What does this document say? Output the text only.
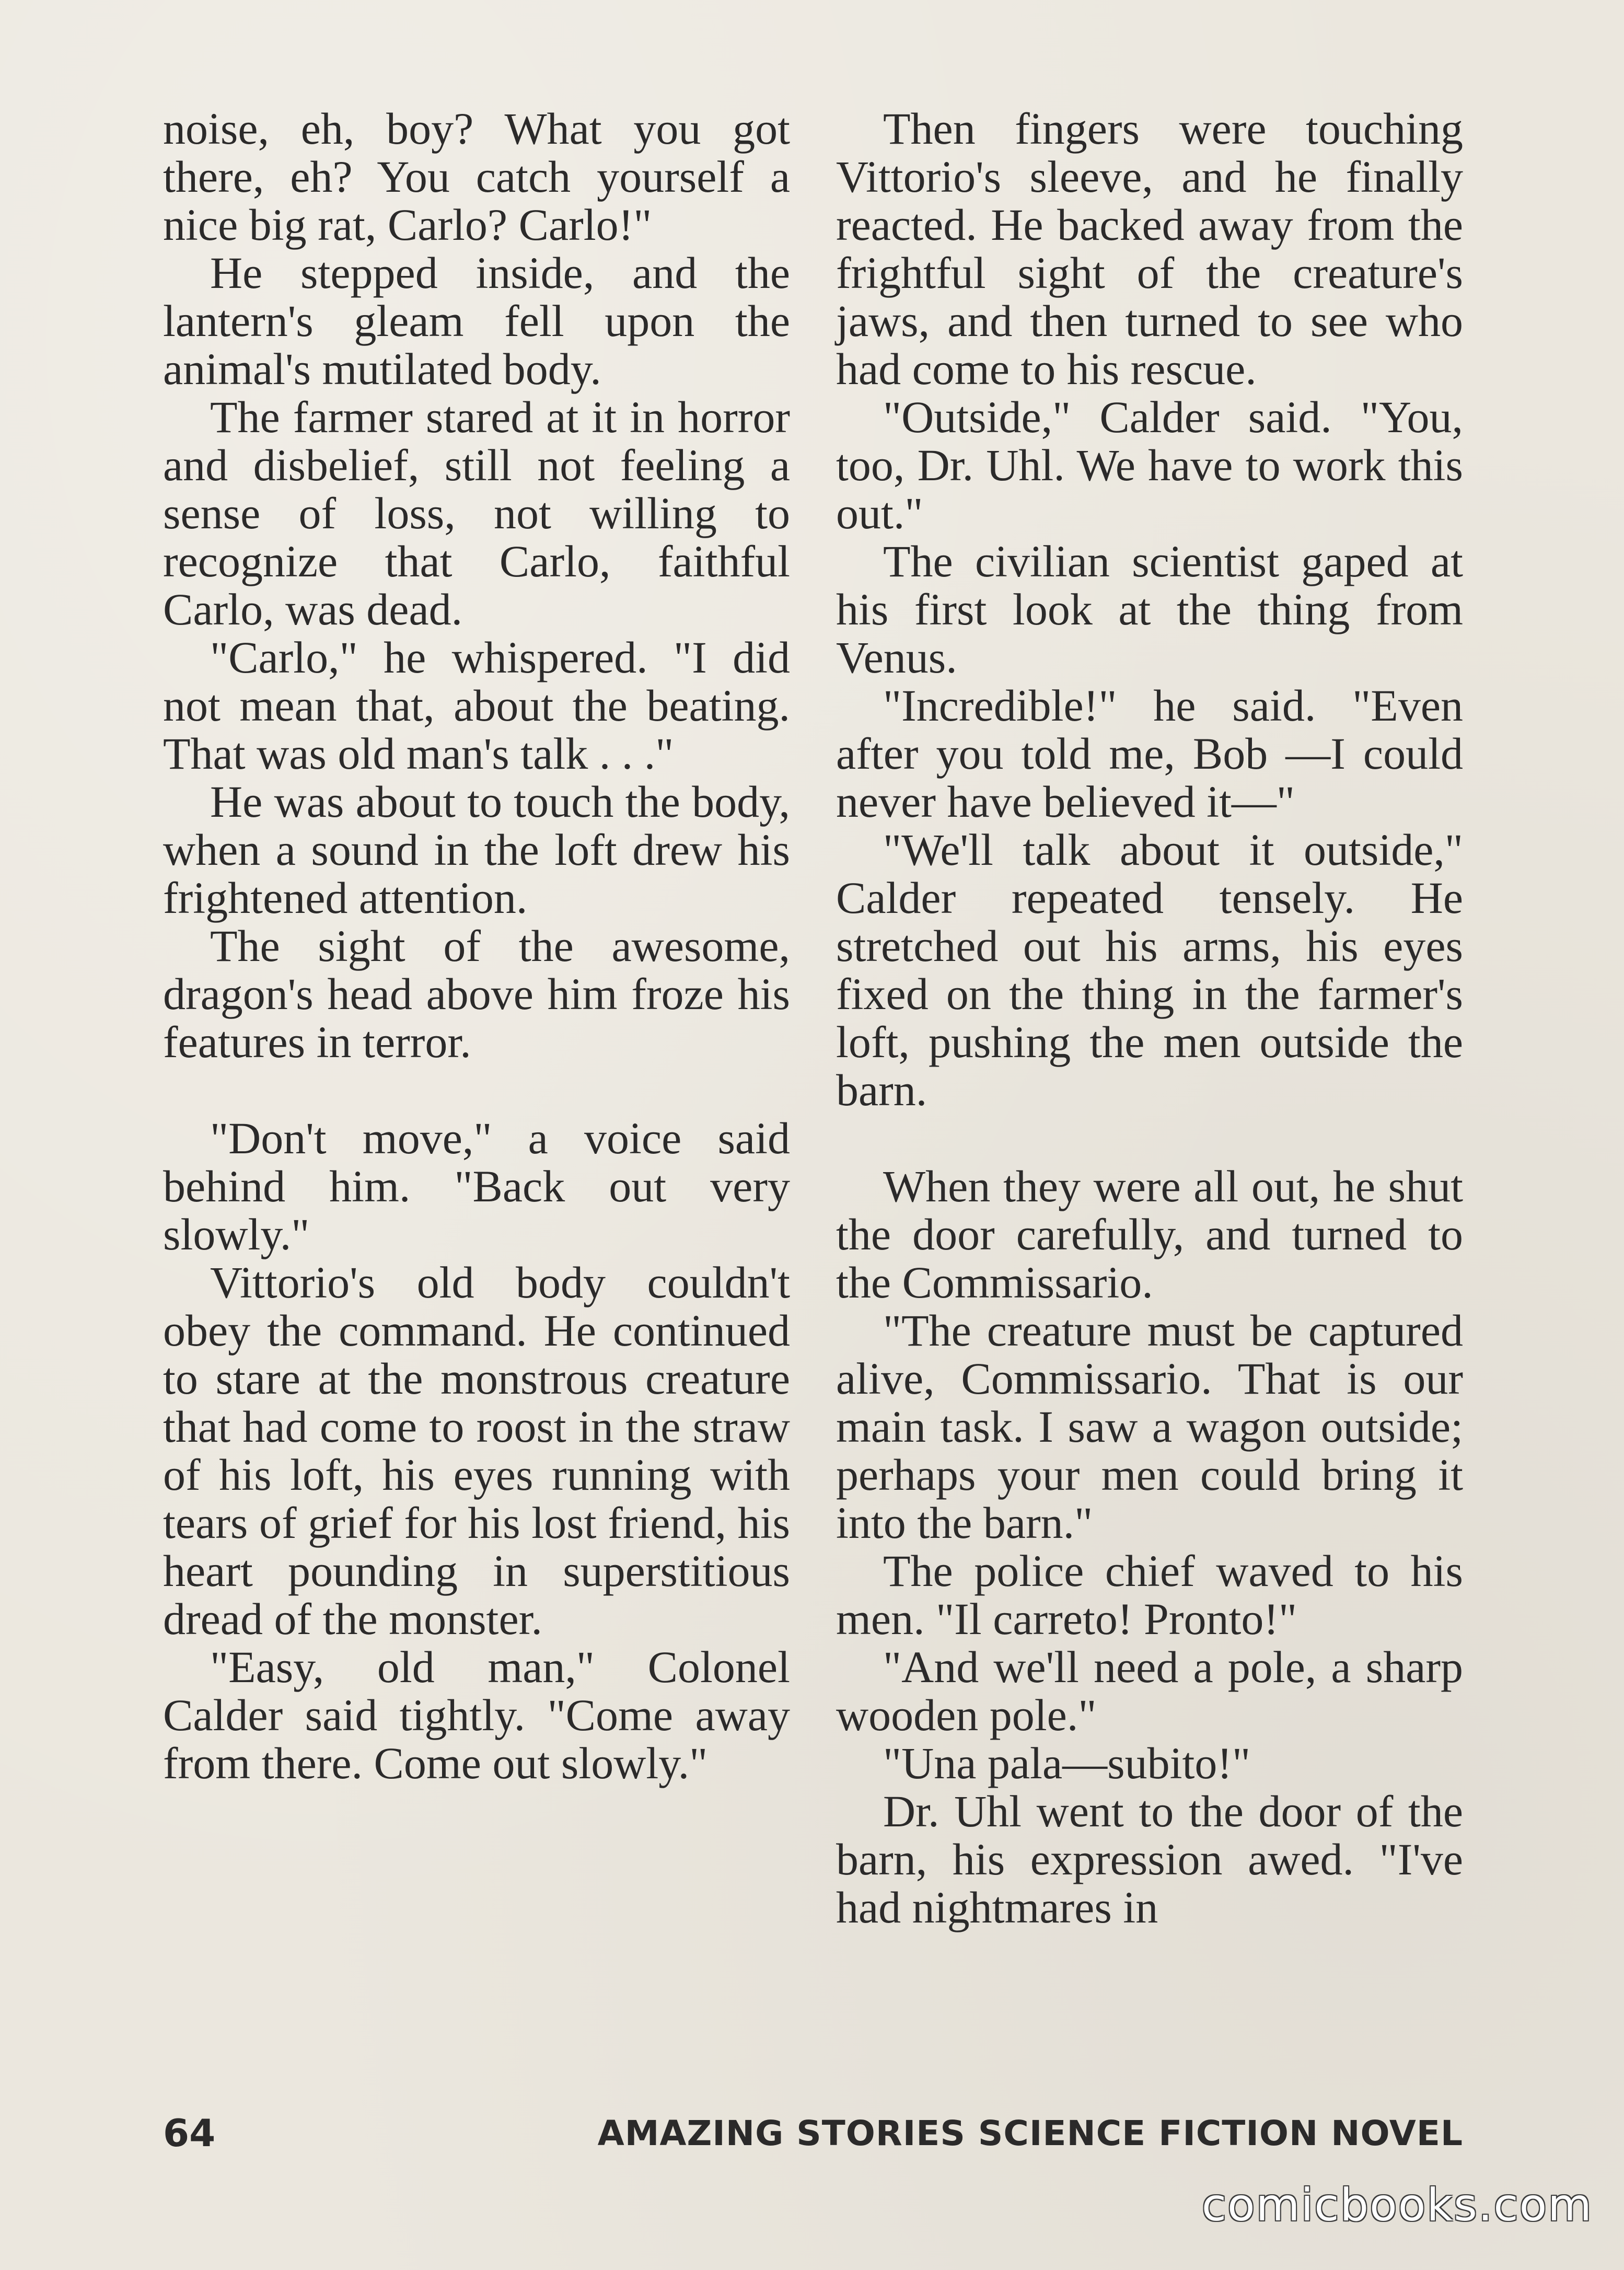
noise, eh, boy? What you got there, eh? You catch yourself a nice big rat, Carlo? Carlo!"

He stepped inside, and the lantern's gleam fell upon the animal's mutilated body.

The farmer stared at it in horror and disbelief, still not feeling a sense of loss, not willing to recognize that Carlo, faithful Carlo, was dead.

"Carlo," he whispered. "I did not mean that, about the beating. That was old man's talk . . ."

He was about to touch the body, when a sound in the loft drew his frightened attention.

The sight of the awesome, dragon's head above him froze his features in terror.

"Don't move," a voice said behind him. "Back out very slowly."

Vittorio's old body couldn't obey the command. He continued to stare at the monstrous creature that had come to roost in the straw of his loft, his eyes running with tears of grief for his lost friend, his heart pounding in superstitious dread of the monster.

"Easy, old man," Colonel Calder said tightly. "Come away from there. Come out slowly."

Then fingers were touching Vittorio's sleeve, and he finally reacted. He backed away from the frightful sight of the creature's jaws, and then turned to see who had come to his rescue.

"Outside," Calder said. "You, too, Dr. Uhl. We have to work this out."

The civilian scientist gaped at his first look at the thing from Venus.

"Incredible!" he said. "Even after you told me, Bob —I could never have believed it—"

"We'll talk about it outside," Calder repeated tensely. He stretched out his arms, his eyes fixed on the thing in the farmer's loft, pushing the men outside the barn.

When they were all out, he shut the door carefully, and turned to the Commissario.

"The creature must be captured alive, Commissario. That is our main task. I saw a wagon outside; perhaps your men could bring it into the barn."

The police chief waved to his men. "Il carreto! Pronto!"

"And we'll need a pole, a sharp wooden pole."

"Una pala—subito!"

Dr. Uhl went to the door of the barn, his expression awed. "I've had nightmares in

64	AMAZING STORIES SCIENCE FICTION NOVEL
comicbooks.com
